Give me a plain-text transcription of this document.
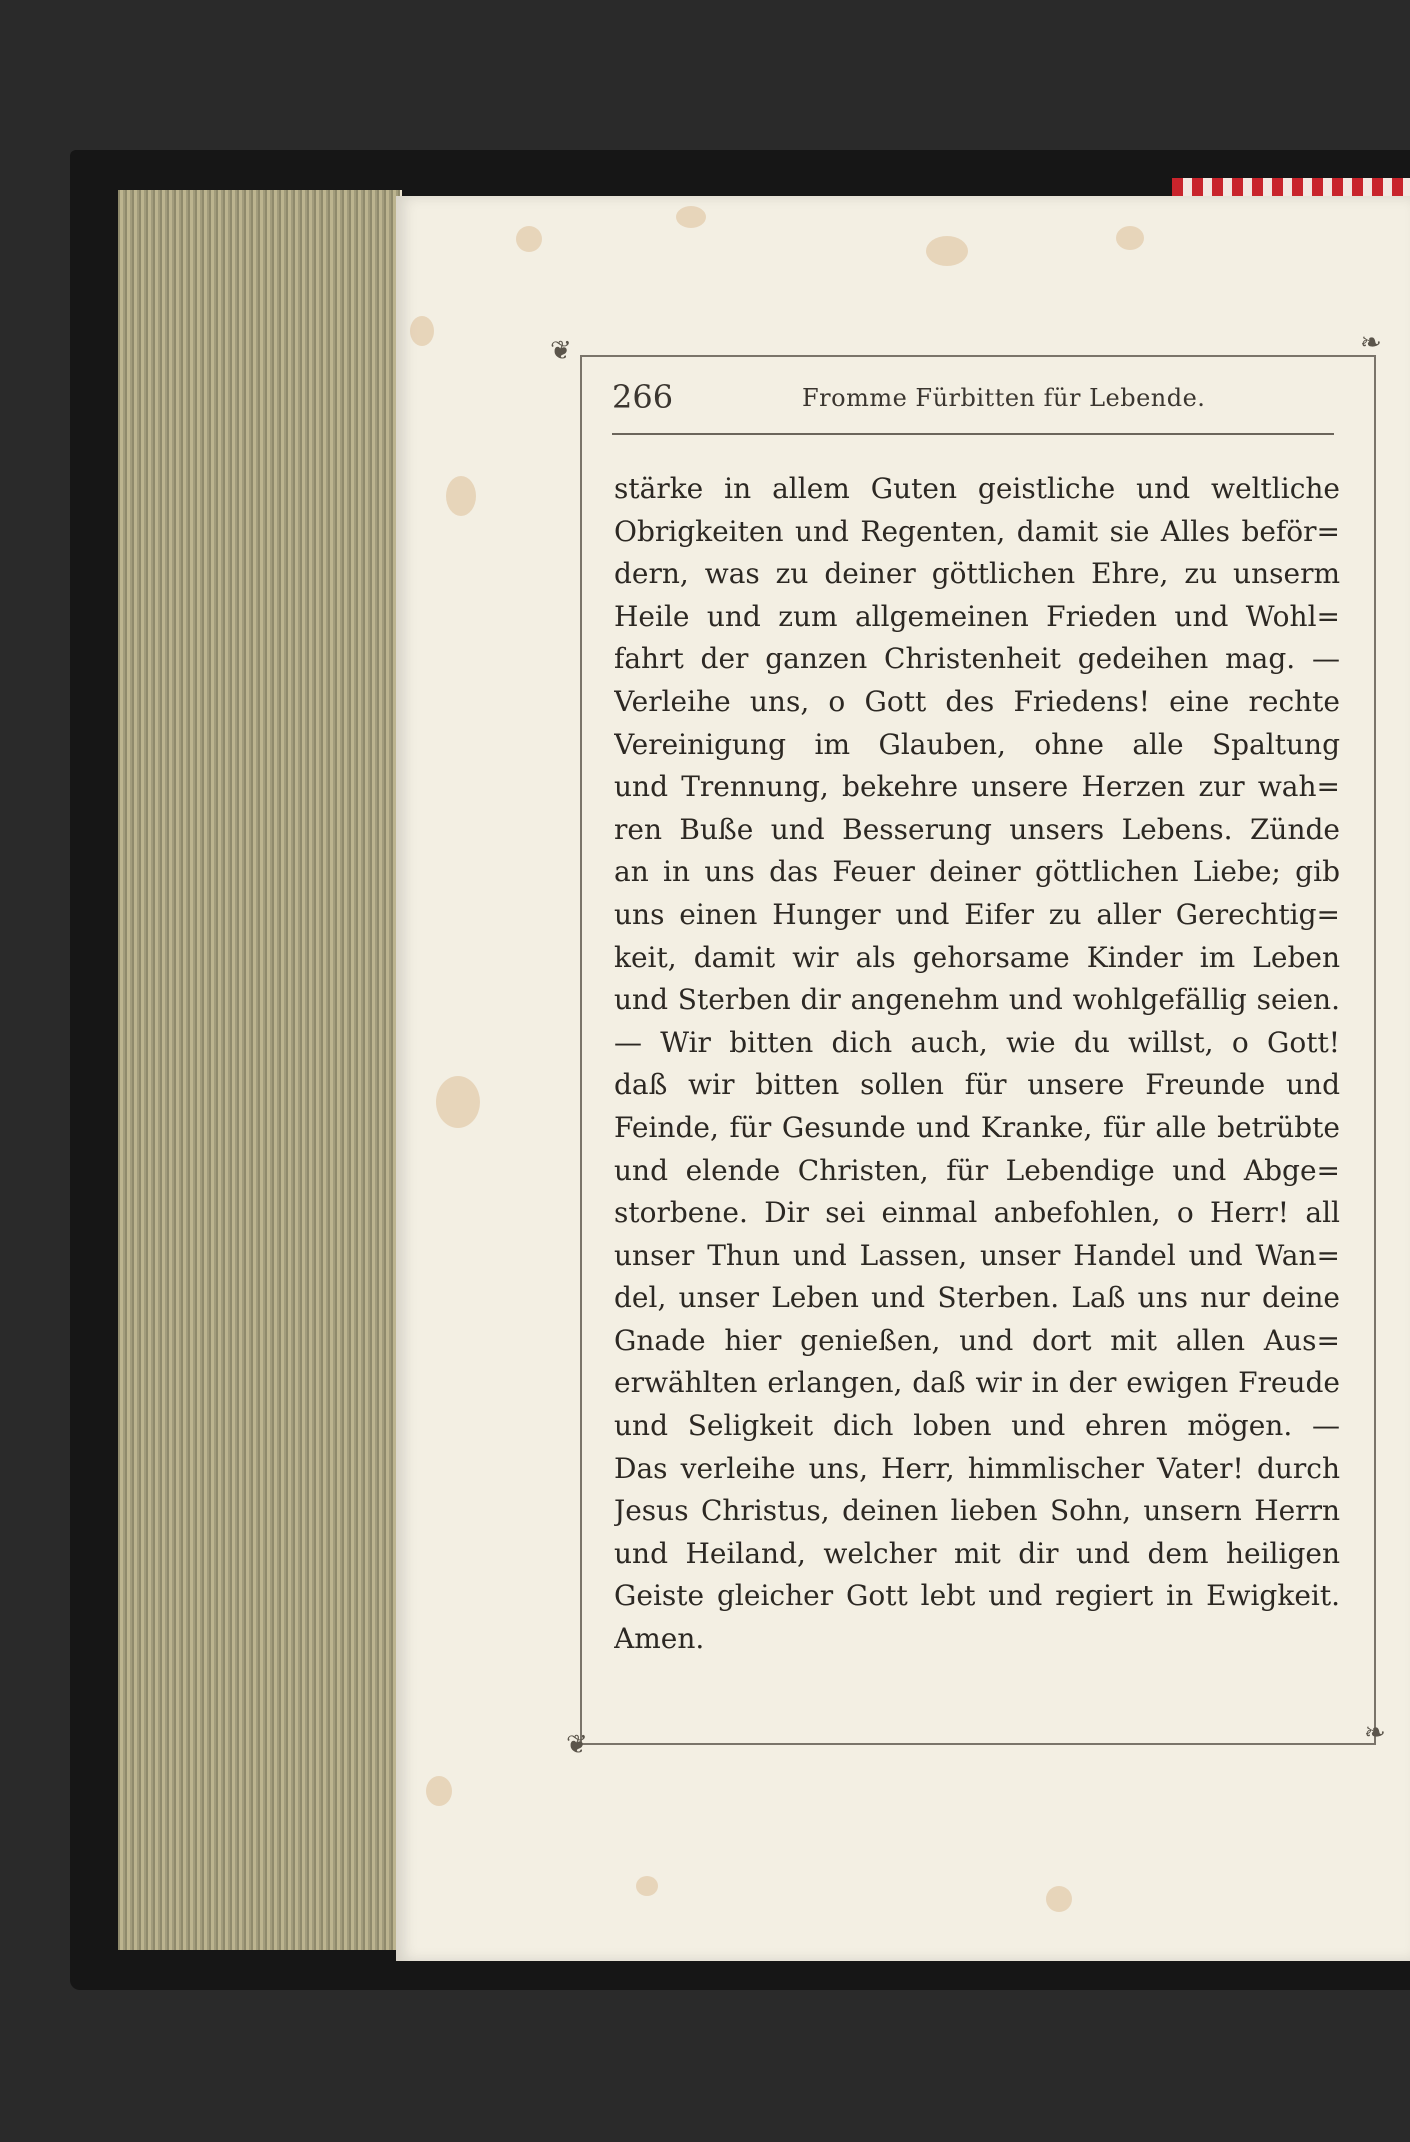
❦	❧
❦	❧
266	Fromme Fürbitten für Lebende.
stärke in allem Guten geistliche und weltliche
Obrigkeiten und Regenten, damit sie Alles beför=
dern, was zu deiner göttlichen Ehre, zu unserm
Heile und zum allgemeinen Frieden und Wohl=
fahrt der ganzen Christenheit gedeihen mag. —
Verleihe uns, o Gott des Friedens! eine rechte
Vereinigung im Glauben, ohne alle Spaltung
und Trennung, bekehre unsere Herzen zur wah=
ren Buße und Besserung unsers Lebens. Zünde
an in uns das Feuer deiner göttlichen Liebe; gib
uns einen Hunger und Eifer zu aller Gerechtig=
keit, damit wir als gehorsame Kinder im Leben
und Sterben dir angenehm und wohlgefällig seien.
— Wir bitten dich auch, wie du willst, o Gott!
daß wir bitten sollen für unsere Freunde und
Feinde, für Gesunde und Kranke, für alle betrübte
und elende Christen, für Lebendige und Abge=
storbene. Dir sei einmal anbefohlen, o Herr! all
unser Thun und Lassen, unser Handel und Wan=
del, unser Leben und Sterben. Laß uns nur deine
Gnade hier genießen, und dort mit allen Aus=
erwählten erlangen, daß wir in der ewigen Freude
und Seligkeit dich loben und ehren mögen. —
Das verleihe uns, Herr, himmlischer Vater! durch
Jesus Christus, deinen lieben Sohn, unsern Herrn
und Heiland, welcher mit dir und dem heiligen
Geiste gleicher Gott lebt und regiert in Ewigkeit.
Amen.
